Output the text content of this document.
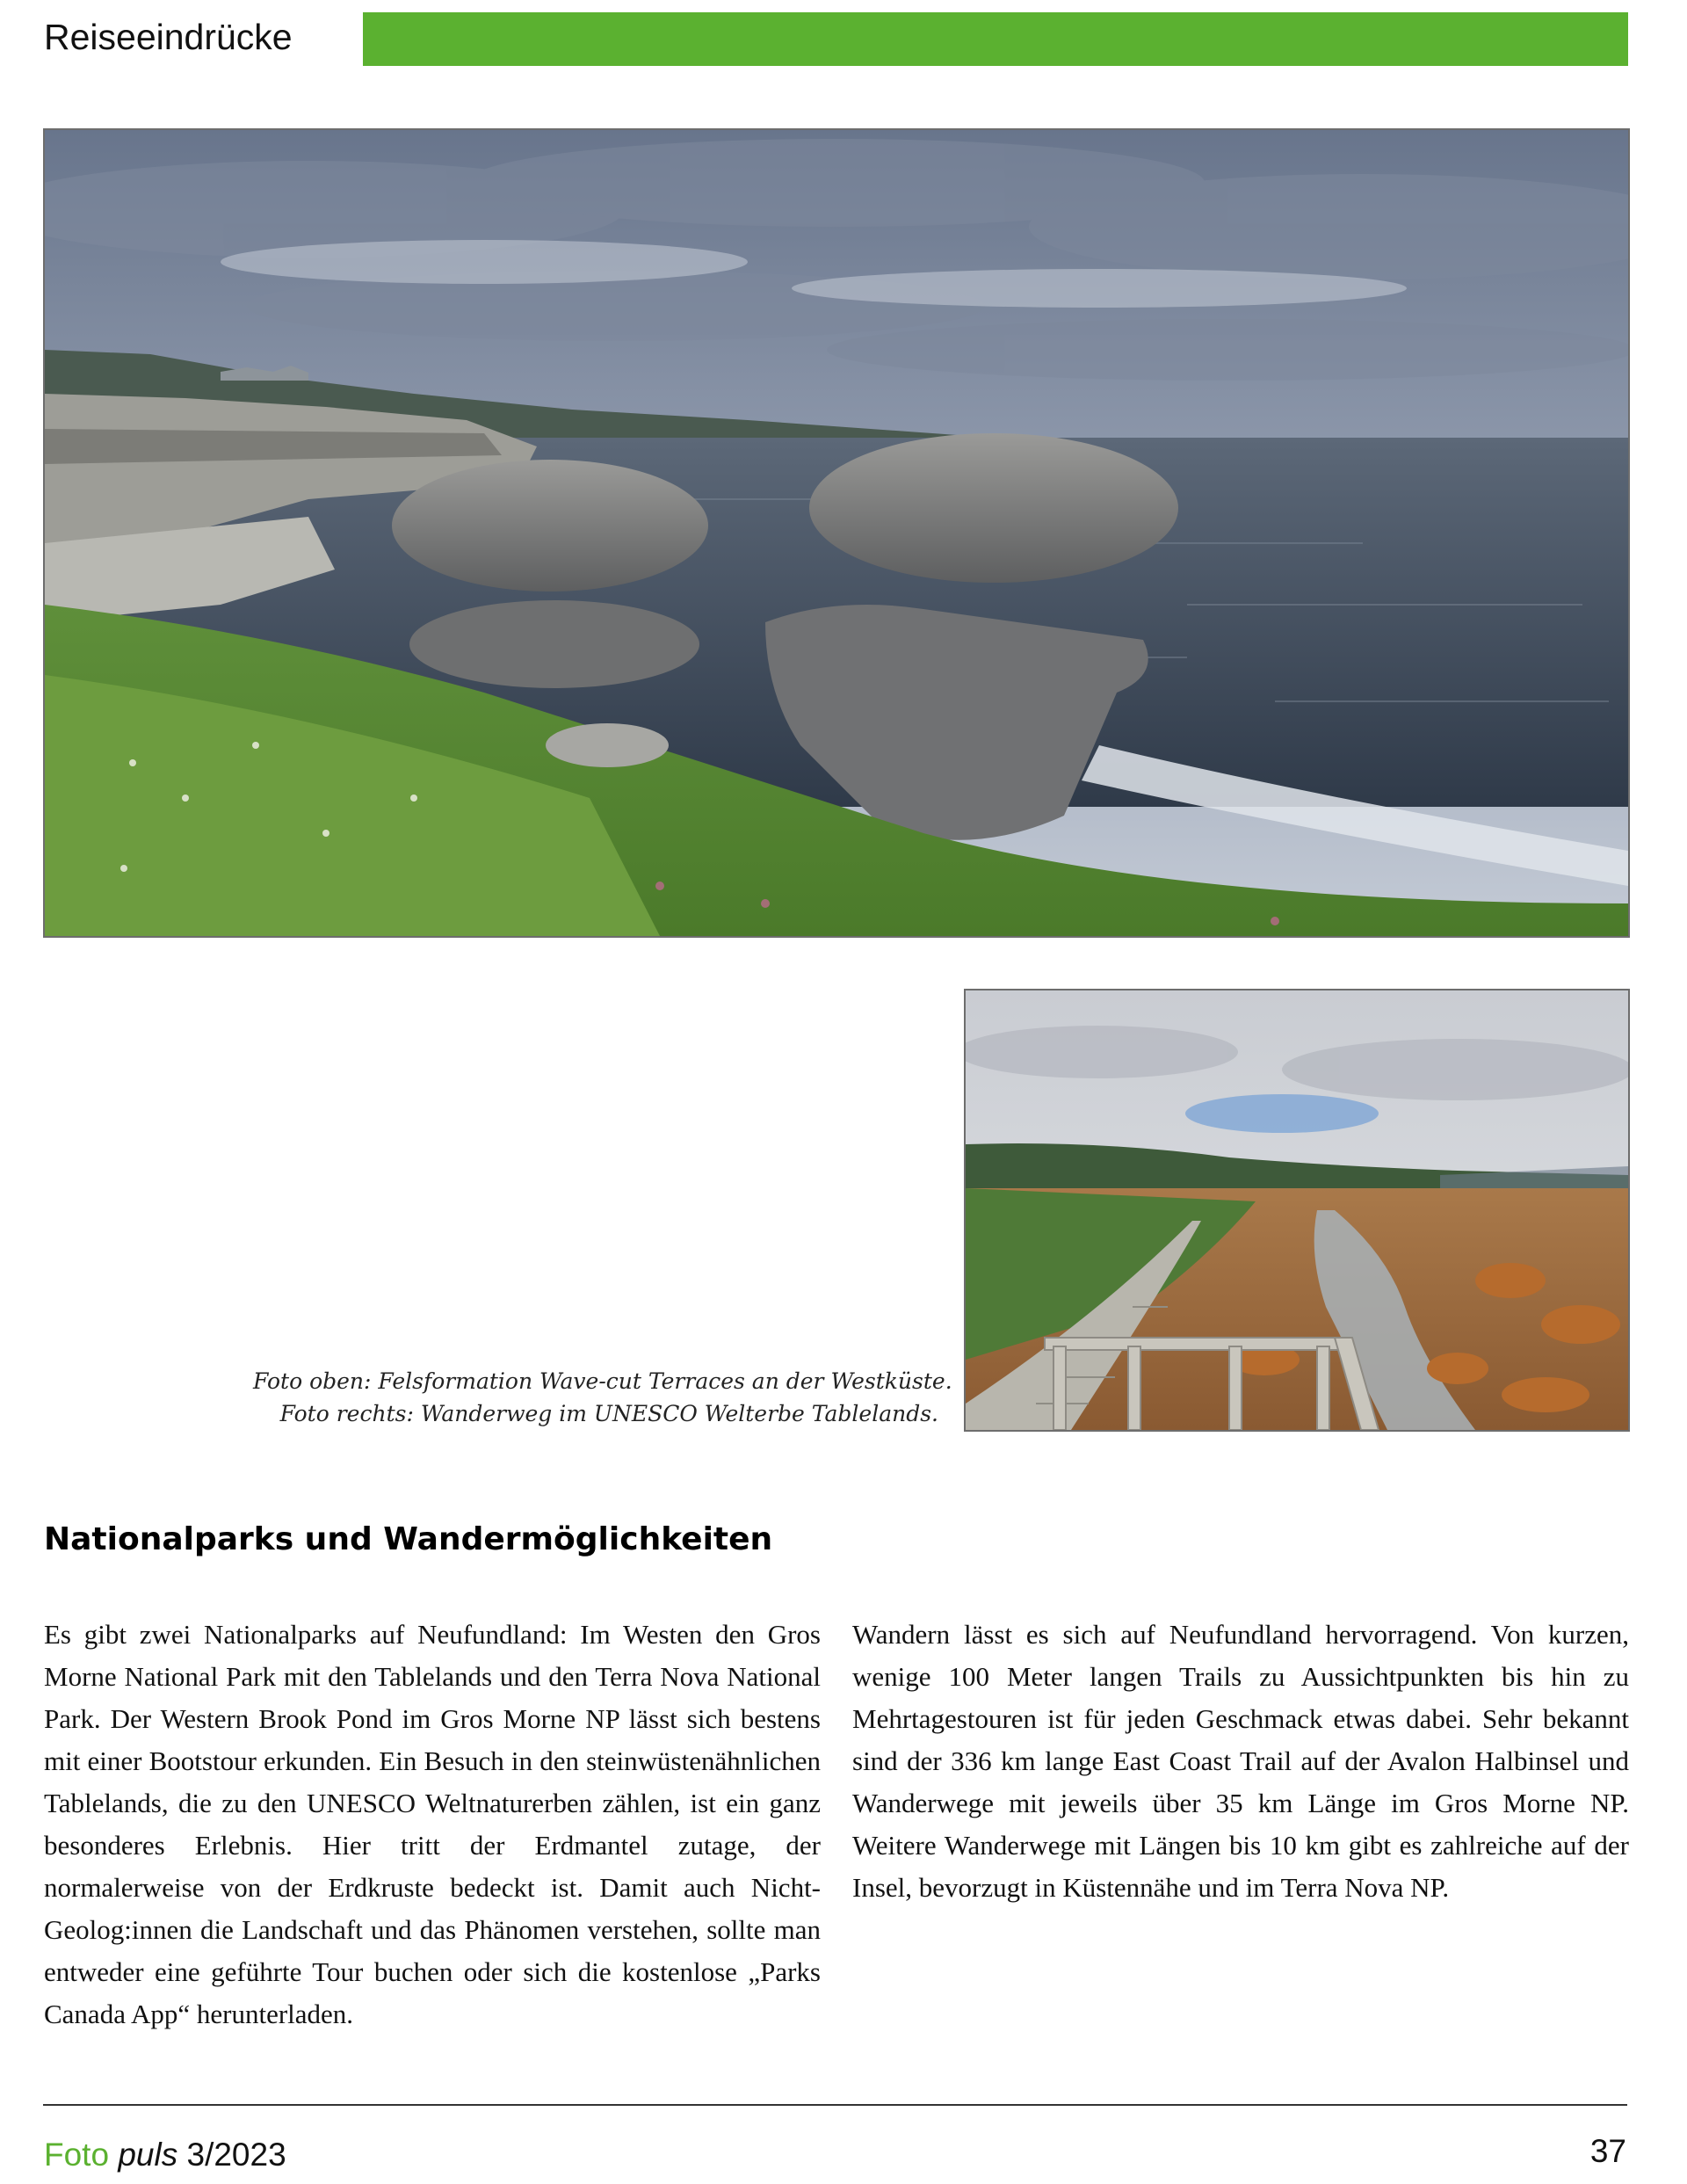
Reiseeindrücke
Foto oben: Felsformation Wave-cut Terraces an der Westküste.
Foto rechts: Wanderweg im UNESCO Welterbe Tablelands.
Nationalparks und Wandermöglichkeiten

Es gibt zwei Nationalparks auf Neufundland: Im Westen den Gros Morne National Park mit den Tablelands und den Terra Nova National Park. Der Western Brook Pond im Gros Morne NP lässt sich bestens mit einer Bootstour erkunden. Ein Besuch in den steinwüstenähnlichen Tablelands, die zu den UNESCO Weltnaturerben zählen, ist ein ganz besonderes Erlebnis. Hier tritt der Erdmantel zutage, der normalerweise von der Erdkruste bedeckt ist. Damit auch Nicht-Geolog:innen die Landschaft und das Phänomen verstehen, sollte man entweder eine geführte Tour buchen oder sich die kostenlose „Parks Canada App“ herunterladen.

Wandern lässt es sich auf Neufundland hervorragend. Von kurzen, wenige 100 Meter langen Trails zu Aussichtpunkten bis hin zu Mehrtagestouren ist für jeden Geschmack etwas dabei. Sehr bekannt sind der 336 km lange East Coast Trail auf der Avalon Halbinsel und Wanderwege mit jeweils über 35 km Länge im Gros Morne NP. Weitere Wanderwege mit Längen bis 10 km gibt es zahlreiche auf der Insel, bevorzugt in Küstennähe und im Terra Nova NP.

Foto puls 3/2023	37
